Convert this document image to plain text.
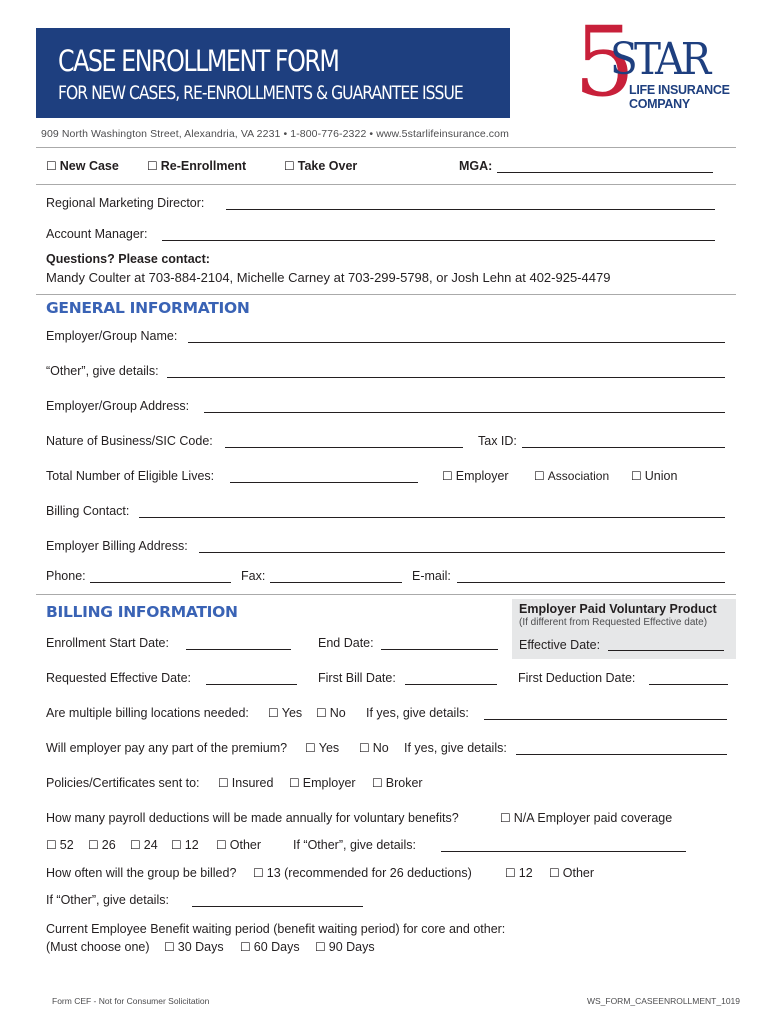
CASE ENROLLMENT FORM
FOR NEW CASES, RE-ENROLLMENTS & GUARANTEE ISSUE 5
STAR
LIFE INSURANCE
COMPANY
909 North Washington Street, Alexandria, VA 2231 • 1-800-776-2322 • www.5starlifeinsurance.com
☐ New Case ☐ Re-Enrollment	☐ Take Over	MGA:
Regional Marketing Director:
Account Manager:
Questions? Please contact:
Mandy Coulter at 703-884-2104, Michelle Carney at 703-299-5798, or Josh Lehn at 402-925-4479
GENERAL INFORMATION
Employer/Group Name:
“Other”, give details:
Employer/Group Address:
Nature of Business/SIC Code:	Tax ID:
Total Number of Eligible Lives:	☐ Employer ☐ Association ☐ Union
Billing Contact:
Employer Billing Address:
Phone:	Fax:	E-mail:
BILLING INFORMATION	Employer Paid Voluntary Product
(If different from Requested Effective date)
Effective Date:
Enrollment Start Date:	End Date:
Requested Effective Date:	First Bill Date:	First Deduction Date:
Are multiple billing locations needed: ☐ Yes ☐ No If yes, give details:
Will employer pay any part of the premium? ☐ Yes ☐ No If yes, give details:
Policies/Certificates sent to: ☐ Insured ☐ Employer ☐ Broker
How many payroll deductions will be made annually for voluntary benefits?	☐ N/A Employer paid coverage
☐ 52 ☐ 26 ☐ 24 ☐ 12 ☐ Other	If “Other”, give details:
How often will the group be billed? ☐ 13 (recommended for 26 deductions)	☐ 12 ☐ Other
If “Other”, give details:
Current Employee Benefit waiting period (benefit waiting period) for core and other:
(Must choose one) ☐ 30 Days ☐ 60 Days ☐ 90 Days
Form CEF - Not for Consumer Solicitation	WS_FORM_CASEENROLLMENT_1019
